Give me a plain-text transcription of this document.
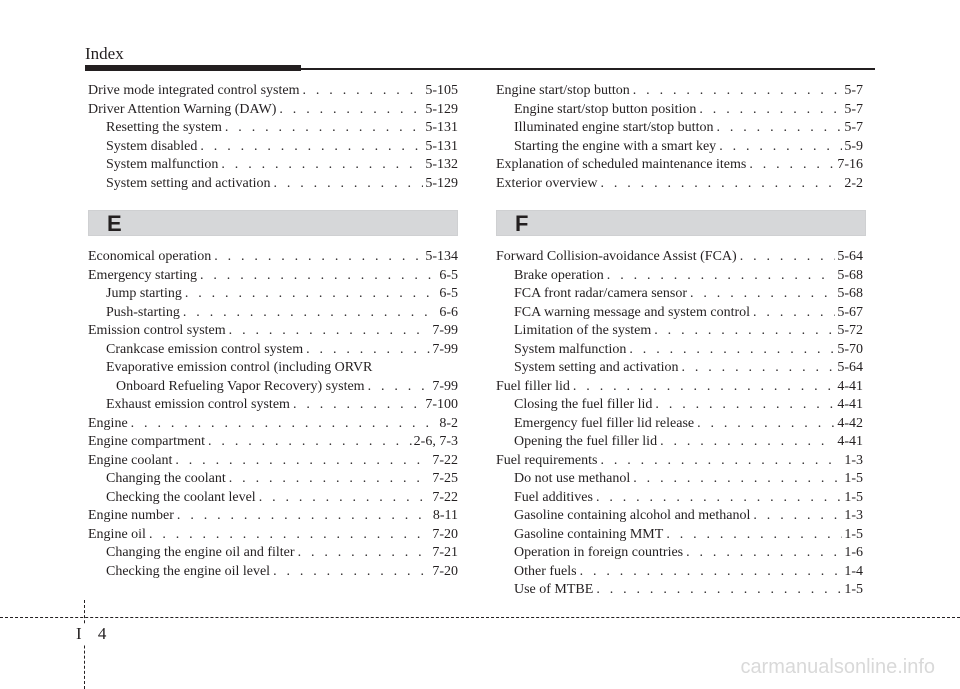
Index
Drive mode integrated control system . . .	5-105
Driver Attention Warning (DAW) . . .	5-129
Resetting the system . . .	5-131
System disabled . . .	5-131
System malfunction . . .	5-132
System setting and activation . . .	5-129
E
Economical operation . . .	5-134
Emergency starting . . .	6-5
Jump starting . . .	6-5
Push-starting . . .	6-6
Emission control system . . .	7-99
Crankcase emission control system . . .	7-99
Evaporative emission control (including ORVR
Onboard Refueling Vapor Recovery) system . . .	7-99
Exhaust emission control system . . .	7-100
Engine . . .	8-2
Engine compartment . . .	2-6, 7-3
Engine coolant . . .	7-22
Changing the coolant . . .	7-25
Checking the coolant level . . .	7-22
Engine number . . .	8-11
Engine oil . . .	7-20
Changing the engine oil and filter . . .	7-21
Checking the engine oil level . . .	7-20
Engine start/stop button . . .	5-7
Engine start/stop button position . . .	5-7
Illuminated engine start/stop button . . .	5-7
Starting the engine with a smart key . . .	5-9
Explanation of scheduled maintenance items . . .	7-16
Exterior overview . . .	2-2
F
Forward Collision-avoidance Assist (FCA) . . .	5-64
Brake operation . . .	5-68
FCA front radar/camera sensor . . .	5-68
FCA warning message and system control . . .	5-67
Limitation of the system . . .	5-72
System malfunction . . .	5-70
System setting and activation . . .	5-64
Fuel filler lid . . .	4-41
Closing the fuel filler lid . . .	4-41
Emergency fuel filler lid release . . .	4-42
Opening the fuel filler lid . . .	4-41
Fuel requirements . . .	1-3
Do not use methanol . . .	1-5
Fuel additives . . .	1-5
Gasoline containing alcohol and methanol . . .	1-3
Gasoline containing MMT . . .	1-5
Operation in foreign countries . . .	1-6
Other fuels . . .	1-4
Use of MTBE . . .	1-5
I 4
carmanualsonline.info
